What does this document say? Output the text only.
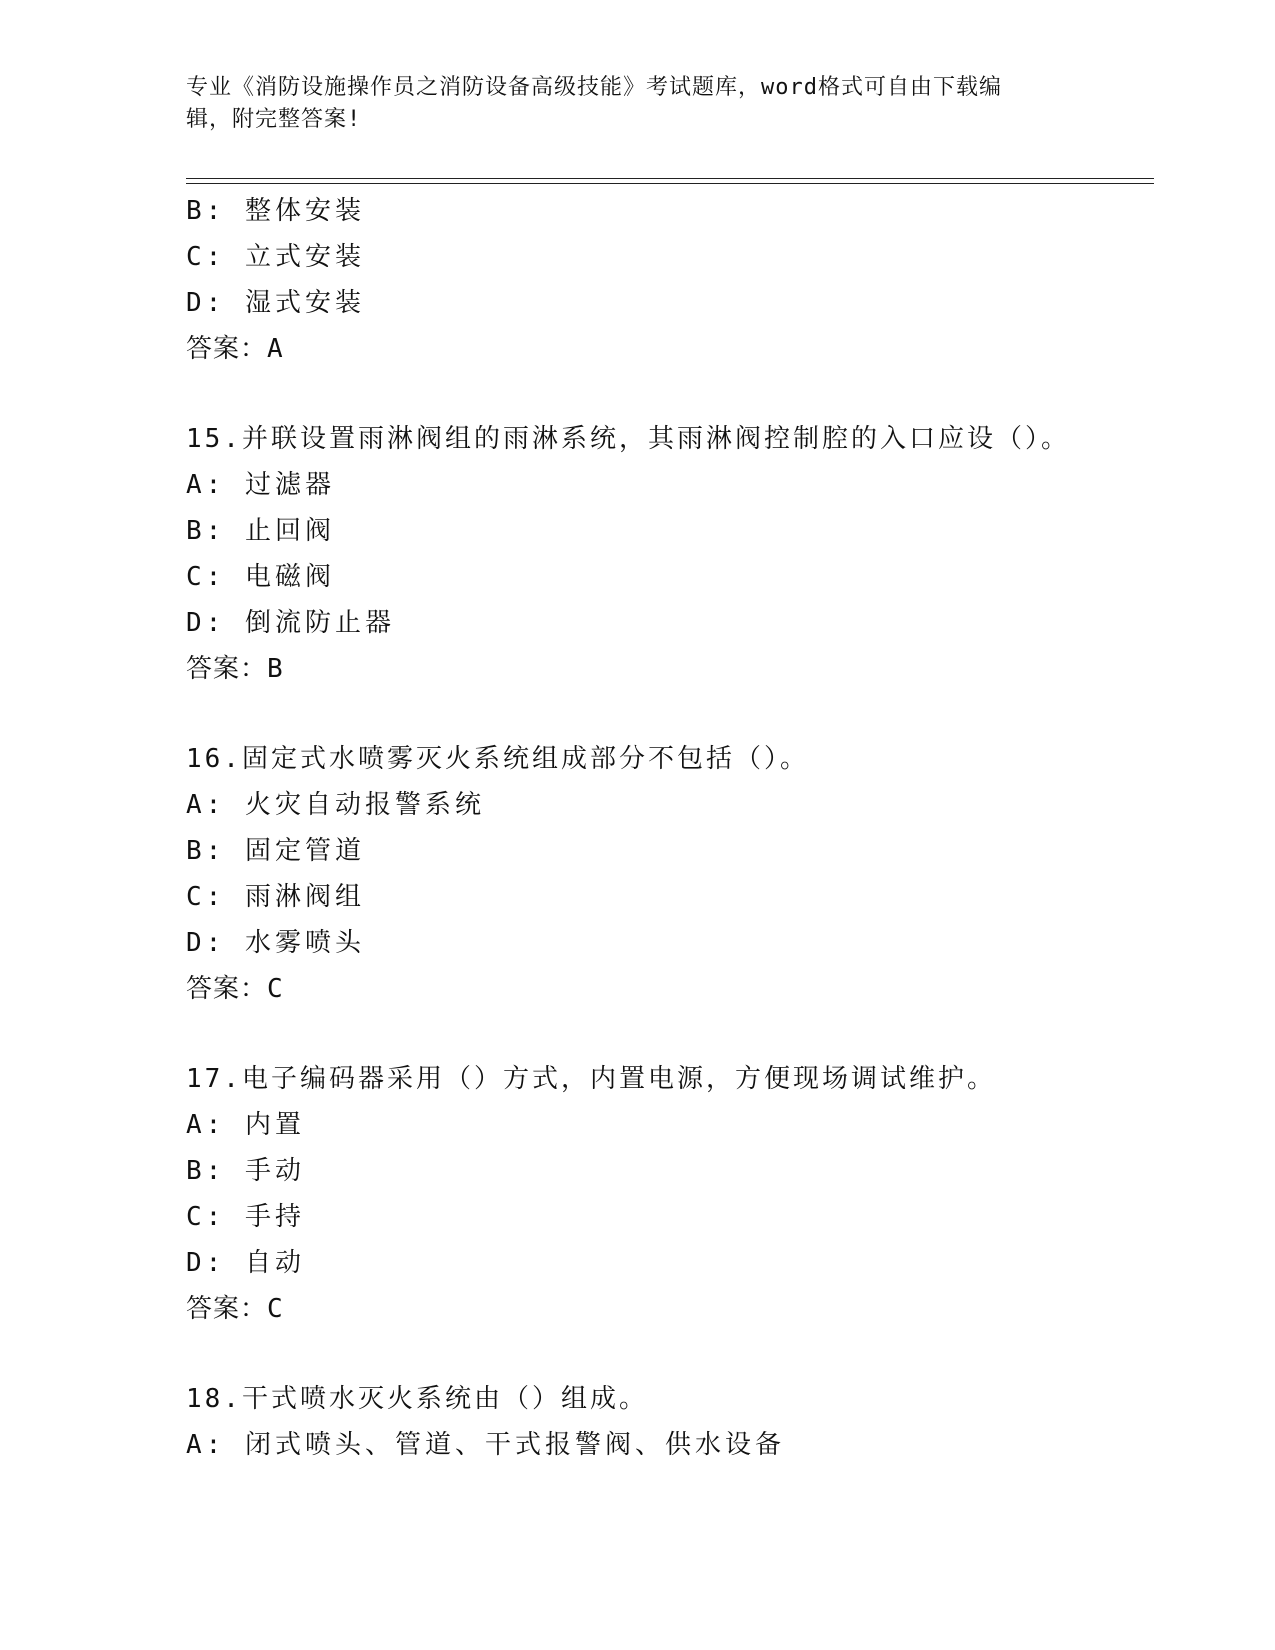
专业《消防设施操作员之消防设备高级技能》考试题库，word格式可自由下载编
辑，附完整答案!
B: 整体安装
C: 立式安装
D: 湿式安装
答案：A
15.并联设置雨淋阀组的雨淋系统，其雨淋阀控制腔的入口应设（）。
A: 过滤器
B: 止回阀
C: 电磁阀
D: 倒流防止器
答案：B
16.固定式水喷雾灭火系统组成部分不包括（）。
A: 火灾自动报警系统
B: 固定管道
C: 雨淋阀组
D: 水雾喷头
答案：C
17.电子编码器采用（）方式，内置电源，方便现场调试维护。
A: 内置
B: 手动
C: 手持
D: 自动
答案：C
18.干式喷水灭火系统由（）组成。
A: 闭式喷头、管道、干式报警阀、供水设备
